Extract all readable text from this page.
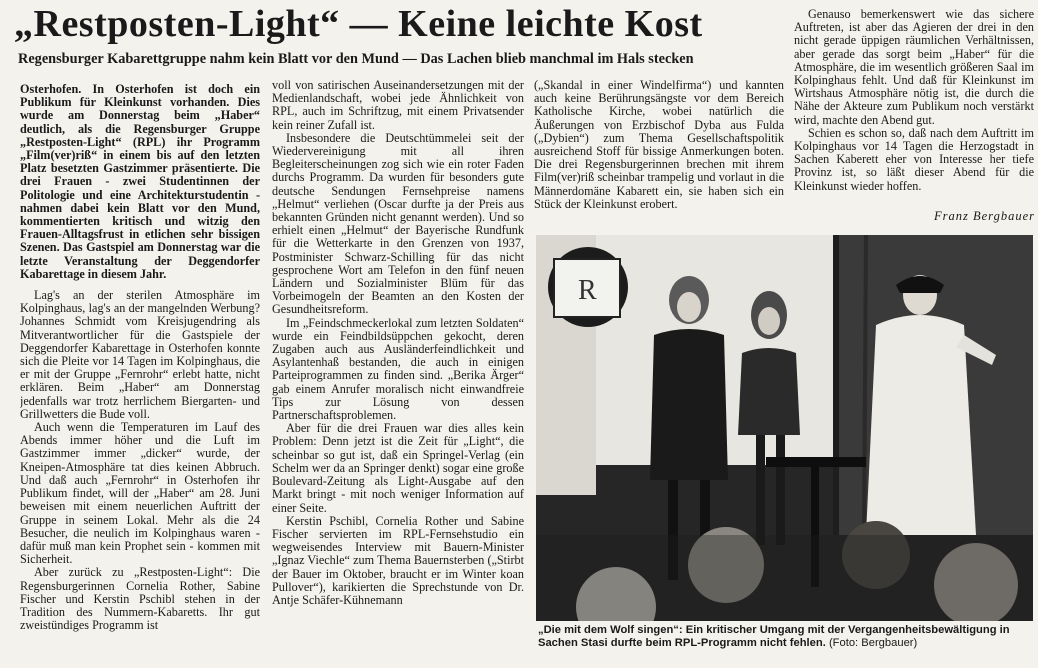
„Restposten-Light“ — Keine leichte Kost
Regensburger Kabarettgruppe nahm kein Blatt vor den Mund — Das Lachen blieb manchmal im Hals stecken

Osterhofen. In Osterhofen ist doch ein Publikum für Kleinkunst vorhanden. Dies wurde am Donnerstag beim „Haber“ deutlich, als die Regensburger Gruppe „Restposten-Light“ (RPL) ihr Programm „Film(ver)riß“ in einem bis auf den letzten Platz besetzten Gastzimmer präsentierte. Die drei Frauen - zwei Studentinnen der Politologie und eine Architekturstudentin - nahmen dabei kein Blatt vor den Mund, kommentierten kritisch und witzig den Frauen-Alltagsfrust in etlichen sehr bissigen Szenen. Das Gastspiel am Donnerstag war die letzte Veranstaltung der Deggendorfer Kabarettage in diesem Jahr.

Lag's an der sterilen Atmosphäre im Kolpinghaus, lag's an der mangelnden Werbung? Johannes Schmidt vom Kreisjugendring als Mitverantwortlicher für die Gastspiele der Deggendorfer Kabarettage in Osterhofen konnte sich die Pleite vor 14 Tagen im Kolpinghaus, die er mit der Gruppe „Fernrohr“ erlebt hatte, nicht erklären. Beim „Haber“ am Donnerstag jedenfalls war trotz herrlichem Biergarten- und Grillwetters die Bude voll.

Auch wenn die Temperaturen im Lauf des Abends immer höher und die Luft im Gastzimmer immer „dicker“ wurde, der Kneipen-Atmosphäre tat dies keinen Abbruch. Und daß auch „Fernrohr“ in Osterhofen ihr Publikum findet, will der „Haber“ am 28. Juni beweisen mit einem neuerlichen Auftritt der Gruppe in seinem Lokal. Mehr als die 24 Besucher, die neulich im Kolpinghaus waren - dafür muß man kein Prophet sein - kommen mit Sicherheit.

Aber zurück zu „Restposten-Light“: Die Regensburgerinnen Cornelia Rother, Sabine Fischer und Kerstin Pschibl stehen in der Tradition des Nummern-Kabaretts. Ihr gut zweistündiges Programm ist

voll von satirischen Auseinandersetzungen mit der Medienlandschaft, wobei jede Ähnlichkeit von RPL, auch im Schriftzug, mit einem Privatsender kein reiner Zufall ist.

Insbesondere die Deutschtümmelei seit der Wiedervereinigung mit all ihren Begleiterscheinungen zog sich wie ein roter Faden durchs Programm. Da wurden für besonders gute deutsche Sendungen Fernsehpreise namens „Helmut“ verliehen (Oscar durfte ja der Preis aus bekannten Gründen nicht genannt werden). Und so erhielt einen „Helmut“ der Bayerische Rundfunk für die Wetterkarte in den Grenzen von 1937, Postminister Schwarz-Schilling für das nicht gesprochene Wort am Telefon in den fünf neuen Ländern und Sozialminister Blüm für das Vorbeimogeln der Beamten an den Kosten der Gesundheitsreform.

Im „Feindschmeckerlokal zum letzten Soldaten“ wurde ein Feindbildsüppchen gekocht, deren Zugaben auch aus Ausländerfeindlichkeit und Asylantenhaß bestanden, die auch in einigen Parteiprogrammen zu finden sind. „Berika Ärger“ gab einem Anrufer moralisch nicht einwandfreie Tips zur Lösung von dessen Partnerschaftsproblemen.

Aber für die drei Frauen war dies alles kein Problem: Denn jetzt ist die Zeit für „Light“, die scheinbar so gut ist, daß ein Springel-Verlag (ein Schelm wer da an Springer denkt) sogar eine große Boulevard-Zeitung als Light-Ausgabe auf den Markt bringt - mit noch weniger Information auf einer Seite.

Kerstin Pschibl, Cornelia Rother und Sabine Fischer servierten im RPL-Fernsehstudio ein wegweisendes Interview mit Bauern-Minister „Ignaz Viechle“ zum Thema Bauernsterben („Stirbt der Bauer im Oktober, braucht er im Winter koan Pullover“), karikierten die Sprechstunde von Dr. Antje Schäfer-Kühnemann

(„Skandal in einer Windelfirma“) und kannten auch keine Berührungsängste vor dem Bereich Katholische Kirche, wobei natürlich die Äußerungen von Erzbischof Dyba aus Fulda („Dybien“) zum Thema Gesellschaftspolitik ausreichend Stoff für bissige Anmerkungen boten. Die drei Regensburgerinnen brechen mit ihrem Film(ver)riß scheinbar trampelig und vorlaut in die Männerdomäne Kabarett ein, sie haben sich ein Stück der Kleinkunst erobert.

Genauso bemerkenswert wie das sichere Auftreten, ist aber das Agieren der drei in den nicht gerade üppigen räumlichen Verhältnissen, aber gerade das sorgt beim „Haber“ für die Atmosphäre, die im wesentlich größeren Saal im Kolpinghaus fehlt. Und daß für Kleinkunst im Wirtshaus Atmosphäre nötig ist, die durch die Nähe der Akteure zum Publikum noch verstärkt wird, machte den Abend gut.

Schien es schon so, daß nach dem Auftritt im Kolpinghaus vor 14 Tagen die Herzogstadt in Sachen Kaberett eher von Interesse her tiefe Provinz ist, so läßt dieser Abend für die Kleinkunst wieder hoffen.

Franz Bergbauer
R
„Die mit dem Wolf singen“: Ein kritischer Umgang mit der Vergangenheitsbewältigung in Sachen Stasi durfte beim RPL-Programm nicht fehlen. (Foto: Bergbauer)
